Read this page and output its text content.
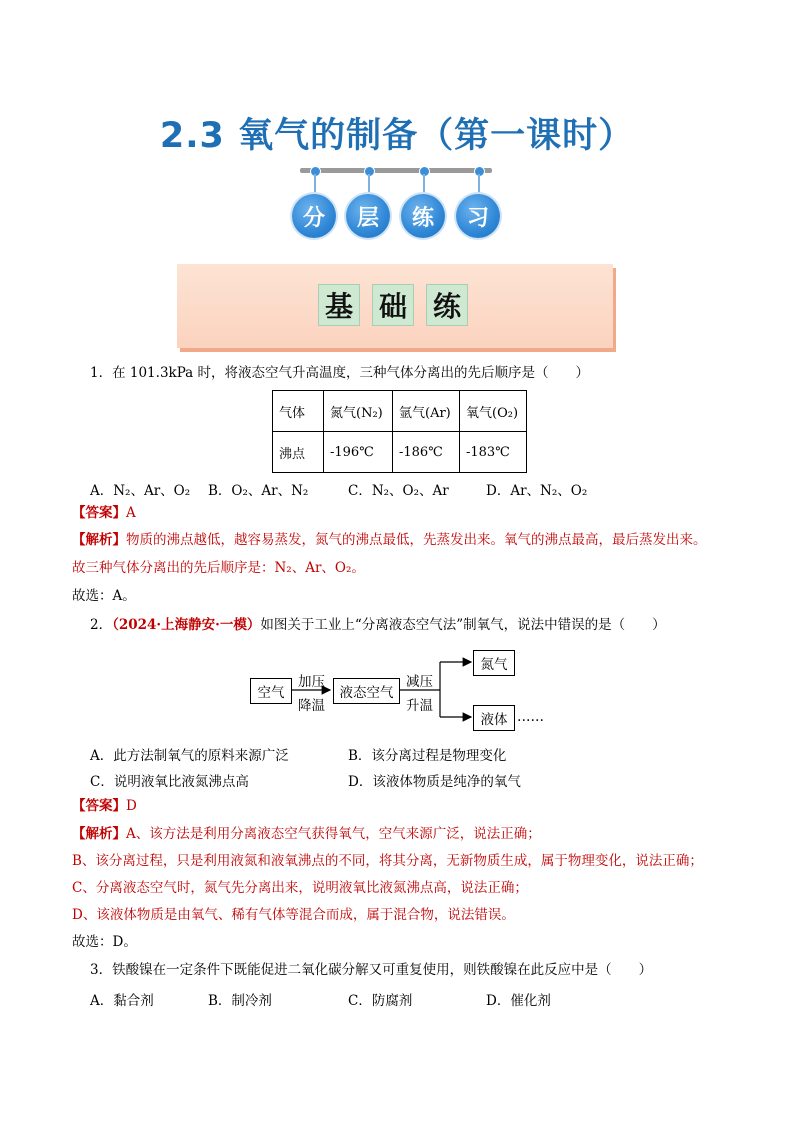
2.3 氧气的制备（第一课时）
分	层	练	习
基 础 练
1．在 101.3kPa 时，将液态空气升高温度，三种气体分离出的先后顺序是（　　）
气体	氮气(N₂)	氩气(Ar)	氧气(O₂)
沸点	-196℃	-186℃	-183℃
A．N₂、Ar、O₂ B．O₂、Ar、N₂	C．N₂、O₂、Ar	D．Ar、N₂、O₂
【答案】A
【解析】物质的沸点越低，越容易蒸发，氮气的沸点最低，先蒸发出来。氧气的沸点最高，最后蒸发出来。
故三种气体分离出的先后顺序是：N₂、Ar、O₂。
故选：A。
2．（2024·上海静安·一模）如图关于工业上“分离液态空气法”制氧气，说法中错误的是（　　）
空气
加压
降温
液态空气
减压
升温
氮气
液体 ……
A．此方法制氧气的原料来源广泛	B．该分离过程是物理变化
C．说明液氧比液氮沸点高	D．该液体物质是纯净的氧气
【答案】D
【解析】A、该方法是利用分离液态空气获得氧气，空气来源广泛，说法正确；
B、该分离过程，只是利用液氮和液氧沸点的不同，将其分离，无新物质生成，属于物理变化，说法正确；
C、分离液态空气时，氮气先分离出来，说明液氧比液氮沸点高，说法正确；
D、该液体物质是由氧气、稀有气体等混合而成，属于混合物，说法错误。
故选：D。
3．铁酸镍在一定条件下既能促进二氧化碳分解又可重复使用，则铁酸镍在此反应中是（　　）
A．黏合剂	B．制冷剂	C．防腐剂	D．催化剂
